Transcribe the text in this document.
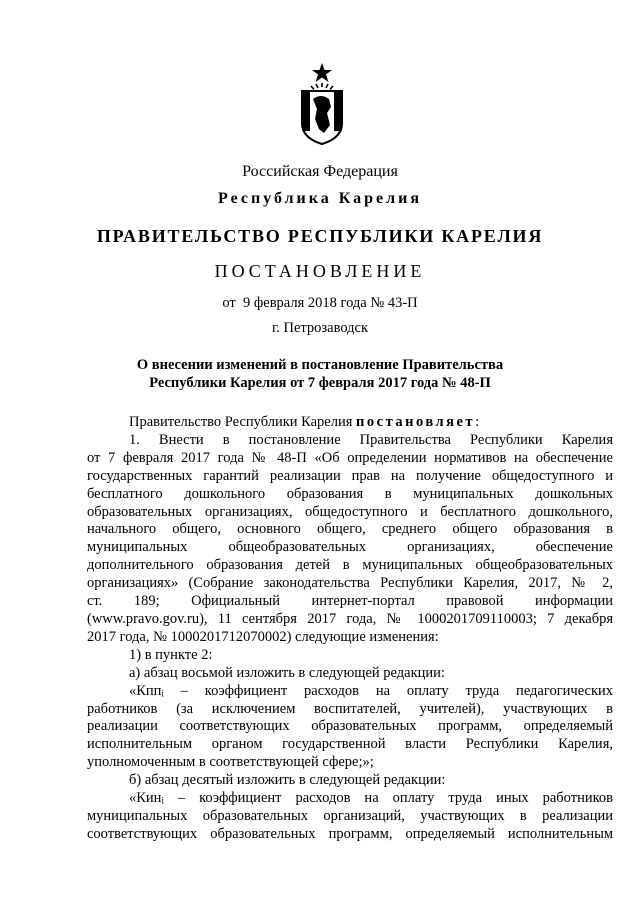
Российская Федерация
Республика Карелия
ПРАВИТЕЛЬСТВО РЕСПУБЛИКИ КАРЕЛИЯ
ПОСТАНОВЛЕНИЕ
от  9 февраля 2018 года № 43-П
г. Петрозаводск
О внесении изменений в постановление Правительства
Республики Карелия от 7 февраля 2017 года № 48-П

Правительство Республики Карелия постановляет:

1. Внести в постановление Правительства Республики Карелия

от 7 февраля 2017 года № 48-П «Об определении нормативов на обеспечение

государственных гарантий реализации прав на получение общедоступного и

бесплатного дошкольного образования в муниципальных дошкольных

образовательных организациях, общедоступного и бесплатного дошкольного,

начального общего, основного общего, среднего общего образования в

муниципальных общеобразовательных организациях, обеспечение

дополнительного образования детей в муниципальных общеобразовательных

организациях» (Собрание законодательства Республики Карелия, 2017, № 2,

ст. 189; Официальный интернет-портал правовой информации

(www.pravo.gov.ru), 11 сентября 2017 года, № 1000201709110003; 7 декабря

2017 года, № 1000201712070002) следующие изменения:

1) в пункте 2:

а) абзац восьмой изложить в следующей редакции:

«Кппᵢ – коэффициент расходов на оплату труда педагогических

работников (за исключением воспитателей, учителей), участвующих в

реализации соответствующих образовательных программ, определяемый

исполнительным органом государственной власти Республики Карелия,

уполномоченным в соответствующей сфере;»;

б) абзац десятый изложить в следующей редакции:

«Кинᵢ – коэффициент расходов на оплату труда иных работников

муниципальных образовательных организаций, участвующих в реализации

соответствующих образовательных программ, определяемый исполнительным
